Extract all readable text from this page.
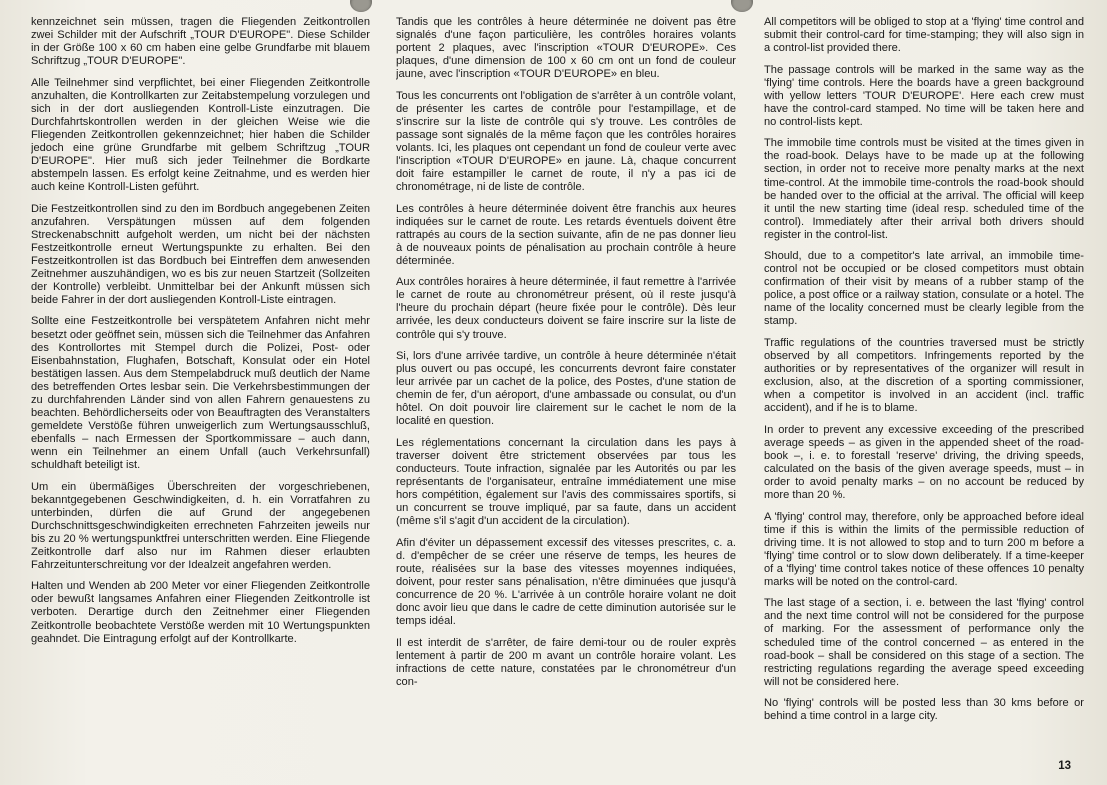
kennzeichnet sein müssen, tragen die Fliegenden Zeitkontrollen zwei Schilder mit der Aufschrift „TOUR D'EUROPE". Diese Schilder in der Größe 100 x 60 cm haben eine gelbe Grundfarbe mit blauem Schriftzug „TOUR D'EUROPE".

Alle Teilnehmer sind verpflichtet, bei einer Fliegenden Zeitkontrolle anzuhalten, die Kontrollkarten zur Zeitabstempelung vorzulegen und sich in der dort ausliegenden Kontroll-Liste einzutragen. Die Durchfahrtskontrollen werden in der gleichen Weise wie die Fliegenden Zeitkontrollen gekennzeichnet; hier haben die Schilder jedoch eine grüne Grundfarbe mit gelbem Schriftzug „TOUR D'EUROPE". Hier muß sich jeder Teilnehmer die Bordkarte abstempeln lassen. Es erfolgt keine Zeitnahme, und es werden hier auch keine Kontroll-Listen geführt.

Die Festzeitkontrollen sind zu den im Bordbuch angegebenen Zeiten anzufahren. Verspätungen müssen auf dem folgenden Streckenabschnitt aufgeholt werden, um nicht bei der nächsten Festzeitkontrolle erneut Wertungspunkte zu erhalten. Bei den Festzeitkontrollen ist das Bordbuch bei Eintreffen dem anwesenden Zeitnehmer auszuhändigen, wo es bis zur neuen Startzeit (Sollzeiten der Kontrolle) verbleibt. Unmittelbar bei der Ankunft müssen sich beide Fahrer in der dort ausliegenden Kontroll-Liste eintragen.

Sollte eine Festzeitkontrolle bei verspätetem Anfahren nicht mehr besetzt oder geöffnet sein, müssen sich die Teilnehmer das Anfahren des Kontrollortes mit Stempel durch die Polizei, Post- oder Eisenbahnstation, Flughafen, Botschaft, Konsulat oder ein Hotel bestätigen lassen. Aus dem Stempelabdruck muß deutlich der Name des betreffenden Ortes lesbar sein. Die Verkehrsbestimmungen der zu durchfahrenden Länder sind von allen Fahrern genauestens zu beachten. Behördlicherseits oder von Beauftragten des Veranstalters gemeldete Verstöße führen unweigerlich zum Wertungsausschluß, ebenfalls – nach Ermessen der Sportkommissare – auch dann, wenn ein Teilnehmer an einem Unfall (auch Verkehrsunfall) schuldhaft beteiligt ist.

Um ein übermäßiges Überschreiten der vorgeschriebenen, bekanntgegebenen Geschwindigkeiten, d. h. ein Vorratfahren zu unterbinden, dürfen die auf Grund der angegebenen Durchschnittsgeschwindigkeiten errechneten Fahrzeiten jeweils nur bis zu 20 % wertungspunktfrei unterschritten werden. Eine Fliegende Zeitkontrolle darf also nur im Rahmen dieser erlaubten Fahrzeitunterschreitung vor der Idealzeit angefahren werden.

Halten und Wenden ab 200 Meter vor einer Fliegenden Zeitkontrolle oder bewußt langsames Anfahren einer Fliegenden Zeitkontrolle ist verboten. Derartige durch den Zeitnehmer einer Fliegenden Zeitkontrolle beobachtete Verstöße werden mit 10 Wertungspunkten geahndet. Die Eintragung erfolgt auf der Kontrollkarte.

Tandis que les contrôles à heure déterminée ne doivent pas être signalés d'une façon particulière, les contrôles horaires volants portent 2 plaques, avec l'inscription «TOUR D'EUROPE». Ces plaques, d'une dimension de 100 x 60 cm ont un fond de couleur jaune, avec l'inscription «TOUR D'EUROPE» en bleu.

Tous les concurrents ont l'obligation de s'arrêter à un contrôle volant, de présenter les cartes de contrôle pour l'estampillage, et de s'inscrire sur la liste de contrôle qui s'y trouve. Les contrôles de passage sont signalés de la même façon que les contrôles horaires volants. Ici, les plaques ont cependant un fond de couleur verte avec l'inscription «TOUR D'EUROPE» en jaune. Là, chaque concurrent doit faire estampiller le carnet de route, il n'y a pas ici de chronométrage, ni de liste de contrôle.

Les contrôles à heure déterminée doivent être franchis aux heures indiquées sur le carnet de route. Les retards éventuels doivent être rattrapés au cours de la section suivante, afin de ne pas donner lieu à de nouveaux points de pénalisation au prochain contrôle à heure déterminée.

Aux contrôles horaires à heure déterminée, il faut remettre à l'arrivée le carnet de route au chronométreur présent, où il reste jusqu'à l'heure du prochain départ (heure fixée pour le contrôle). Dès leur arrivée, les deux conducteurs doivent se faire inscrire sur la liste de contrôle qui s'y trouve.

Si, lors d'une arrivée tardive, un contrôle à heure déterminée n'était plus ouvert ou pas occupé, les concurrents devront faire constater leur arrivée par un cachet de la police, des Postes, d'une station de chemin de fer, d'un aéroport, d'une ambassade ou consulat, ou d'un hôtel. On doit pouvoir lire clairement sur le cachet le nom de la localité en question.

Les réglementations concernant la circulation dans les pays à traverser doivent être strictement observées par tous les conducteurs. Toute infraction, signalée par les Autorités ou par les représentants de l'organisateur, entraîne immédiatement une mise hors compétition, également sur l'avis des commissaires sportifs, si un concurrent se trouve impliqué, par sa faute, dans un accident (même s'il s'agit d'un accident de la circulation).

Afin d'éviter un dépassement excessif des vitesses prescrites, c. a. d. d'empêcher de se créer une réserve de temps, les heures de route, réalisées sur la base des vitesses moyennes indiquées, doivent, pour rester sans pénalisation, n'être diminuées que jusqu'à concurrence de 20 %. L'arrivée à un contrôle horaire volant ne doit donc avoir lieu que dans le cadre de cette diminution autorisée sur le temps idéal.

Il est interdit de s'arrêter, de faire demi-tour ou de rouler exprès lentement à partir de 200 m avant un contrôle horaire volant. Les infractions de cette nature, constatées par le chronométreur d'un con-

All competitors will be obliged to stop at a 'flying' time control and submit their control-card for time-stamping; they will also sign in a control-list provided there.

The passage controls will be marked in the same way as the 'flying' time controls. Here the boards have a green background with yellow letters 'TOUR D'EUROPE'. Here each crew must have the control-card stamped. No time will be taken here and no control-lists kept.

The immobile time controls must be visited at the times given in the road-book. Delays have to be made up at the following section, in order not to receive more penalty marks at the next time-control. At the immobile time-controls the road-book should be handed over to the official at the arrival. The official will keep it until the new starting time (ideal resp. scheduled time of the control). Immediately after their arrival both drivers should register in the control-list.

Should, due to a competitor's late arrival, an immobile time-control not be occupied or be closed competitors must obtain confirmation of their visit by means of a rubber stamp of the police, a post office or a railway station, consulate or a hotel. The name of the locality concerned must be clearly legible from the stamp.

Traffic regulations of the countries traversed must be strictly observed by all competitors. Infringements reported by the authorities or by representatives of the organizer will result in exclusion, also, at the discretion of a sporting commissioner, when a competitor is involved in an accident (incl. traffic accident), and if he is to blame.

In order to prevent any excessive exceeding of the prescribed average speeds – as given in the appended sheet of the road-book –, i. e. to forestall 'reserve' driving, the driving speeds, calculated on the basis of the given average speeds, must – in order to avoid penalty marks – on no account be reduced by more than 20 %.

A 'flying' control may, therefore, only be approached before ideal time if this is within the limits of the permissible reduction of driving time. It is not allowed to stop and to turn 200 m before a 'flying' time control or to slow down deliberately. If a time-keeper of a 'flying' time control takes notice of these offences 10 penalty marks will be noted on the control-card.

The last stage of a section, i. e. between the last 'flying' control and the next time control will not be considered for the purpose of marking. For the assessment of performance only the scheduled time of the control concerned – as entered in the road-book – shall be considered on this stage of a section. The restricting regulations regarding the average speed exceeding will not be considered here.

No 'flying' controls will be posted less than 30 kms before or behind a time control in a large city.

13
